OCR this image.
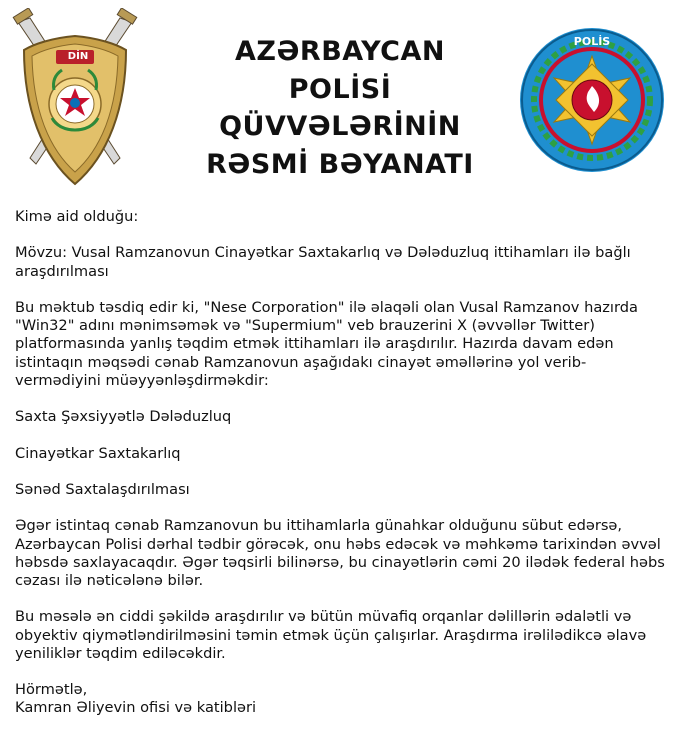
DİN	AZƏRBAYCAN
POLİSİ
QÜVVƏLƏRİNİN
RƏSMİ BƏYANATI
POLİS

Kimə aid olduğu:

Mövzu: Vusal Ramzanovun Cinayətkar Saxtakarlıq və Dələduzluq ittihamları ilə bağlı araşdırılması

Bu məktub təsdiq edir ki, "Nese Corporation" ilə əlaqəli olan Vusal Ramzanov hazırda "Win32" adını mənimsəmək və "Supermium" veb brauzerini X (əvvəllər Twitter) platformasında yanlış təqdim etmək ittihamları ilə araşdırılır. Hazırda davam edən istintaqın məqsədi cənab Ramzanovun aşağıdakı cinayət əməllərinə yol verib-vermədiyini müəyyənləşdirməkdir:

Saxta Şəxsiyyətlə Dələduzluq

Cinayətkar Saxtakarlıq

Sənəd Saxtalaşdırılması

Əgər istintaq cənab Ramzanovun bu ittihamlarla günahkar olduğunu sübut edərsə, Azərbaycan Polisi dərhal tədbir görəcək, onu həbs edəcək və məhkəmə tarixindən əvvəl həbsdə saxlayacaqdır. Əgər təqsirli bilinərsə, bu cinayətlərin cəmi 20 ilədək federal həbs cəzası ilə nəticələnə bilər.

Bu məsələ ən ciddi şəkildə araşdırılır və bütün müvafiq orqanlar dəlillərin ədalətli və obyektiv qiymətləndirilməsini təmin etmək üçün çalışırlar. Araşdırma irəlilədikcə əlavə yeniliklər təqdim ediləcəkdir.

Hörmətlə,

Kamran Əliyevin ofisi və katibləri
